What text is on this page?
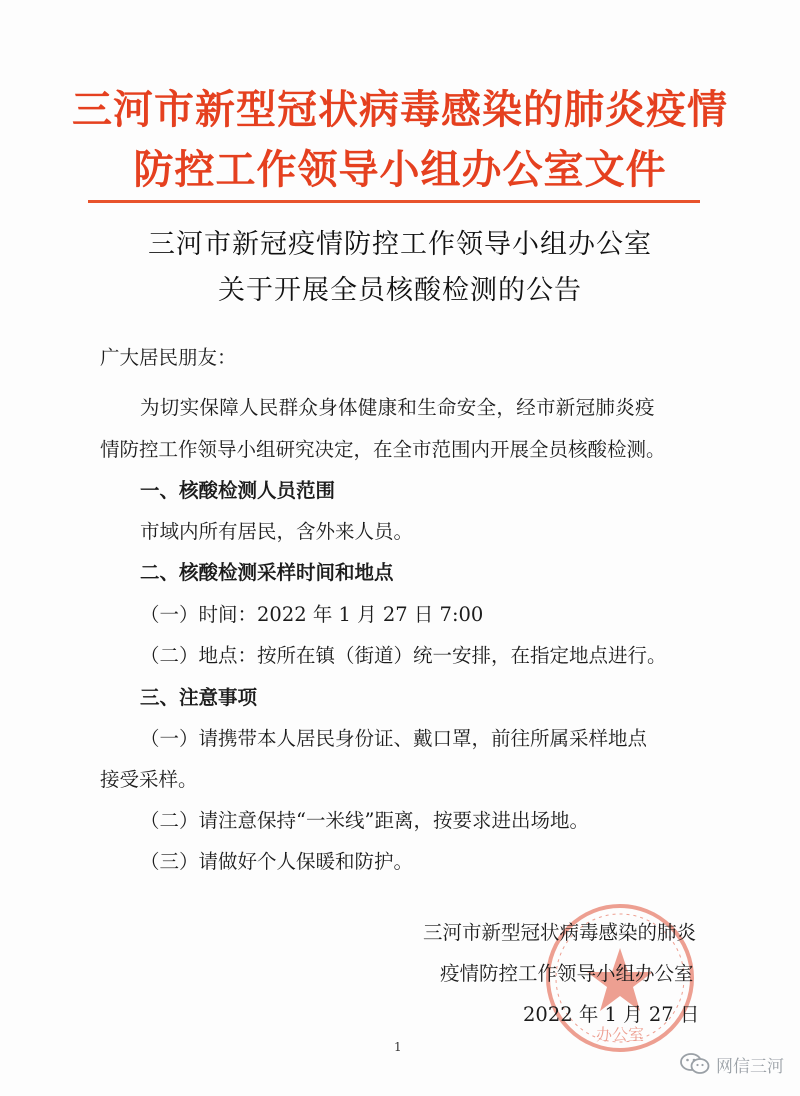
三河市新型冠状病毒感染的肺炎疫情
防控工作领导小组办公室文件
三河市新冠疫情防控工作领导小组办公室
关于开展全员核酸检测的公告
广大居民朋友：
为切实保障人民群众身体健康和生命安全，经市新冠肺炎疫
情防控工作领导小组研究决定，在全市范围内开展全员核酸检测。
一、核酸检测人员范围
市域内所有居民，含外来人员。
二、核酸检测采样时间和地点
（一）时间：2022 年 1 月 27 日 7:00
（二）地点：按所在镇（街道）统一安排，在指定地点进行。
三、注意事项
（一）请携带本人居民身份证、戴口罩，前往所属采样地点
接受采样。
（二）请注意保持“一米线”距离，按要求进出场地。
（三）请做好个人保暖和防护。
办公室
三河市新型冠状病毒感染的肺炎
疫情防控工作领导小组办公室
2022 年 1 月 27 日
1
网信三河
